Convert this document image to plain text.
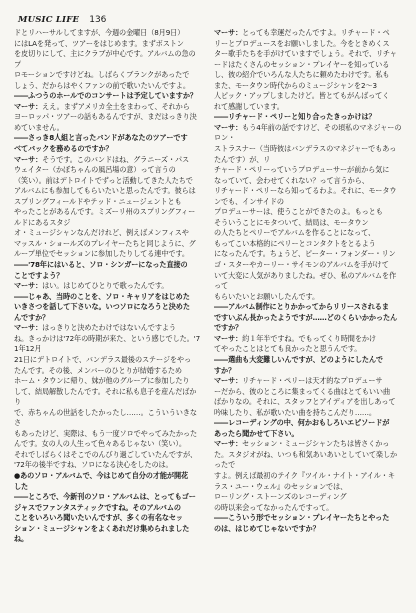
MUSIC LIFE 136

ドとリハーサルしてますが、今週の金曜日（8月9日）
にはLAを発って、ツアーをはじめます。まずボストン
を皮切りにして、主にクラブが中心です。アルバムの急のプ
ロモーションですけどね。しばらくブランクがあったで
しょう、だからはやくファンの前で歌いたいんですよ。

――ふつうのホールでのコンサートは予定していますか？

マーサ：ええ。まずアメリカ全土をまわって、それから
ヨーロッパ・ツアーの話もあるんですが、まだはっきり決
めていません。

――さっき8人組と言ったバンドがあなたのツアーです
べてバックを務めるのですか？

マーサ：そうです。このバンドはね、グラニーズ・パス
ウェイター（かぼちゃんの風呂場の意）って言うの
（笑い）。前はデトロイトでずっと活動してきた人たちで
アルバムにも参加してもらいたいと思ったんです。彼らは
スプリングフィールドやテッド・ニュージェントとも
やったことがあるんです。ミズーリ州のスプリングフィールドにあるスタジ
オ・ミュージシャンなんだけれど、例えばメンフィスや
マッスル・ショールズのプレイヤーたちと同じように、グ
ループ単位でセッションに参加したりしてる連中です。

――'78年にはいると、ソロ・シンガーになった直接の
ことですよう？

マーサ：はい。はじめてひとりで歌ったんです。

――じゃあ、当時のことを、ソロ・キャリアをはじめた
いきさつを話して下さいな。いつソロになろうと決めた
んですか？

マーサ：はっきりと決めたわけではないんですよう
ね。きっかけは'72年の時期が来た、という感じでした。'71年12月
21日にデトロイトで、バンデラス最後のステージをやっ
たんです。その後、メンバーのひとりが結婚するため
ホーム・タウンに帰り、妹が他のグループに参加したり
して、結局解散したんです。それに私も息子を産んだばかり
で、赤ちゃんの世話をしたかったし……。こういういきなさ
もあったけど、実際は、もう一度ソロでやってみたかった
んです。女の人の人生って色々あるじゃない（笑い）。
それでしばらくはそこでのんびり過ごしていたんですが、
'72年の後半ですね、ソロになる決心をしたのは。

●あのソロ・アルバムで、今はじめて自分の才能が開花
した

――ところで、今新刊のソロ・アルバムは、とってもゴー
ジャスでファンタスティックですね。そのアルバムの
ことをいろいろ聞いたいんですが、多くの有名なセッ
ション・ミュージシャンをよくあれだけ集められましたね。

マーサ：とっても幸運だったんですよ。リチャード・ペ
リーとプロデュースをお願いしました。今をときめくス
ター歌手たちを手がけていますでしょう。それで、リチャ
ードはたくさんのセッション・プレイヤーを知っている
し、彼の紹介でいろんな人たちに頼めたわけです。私も
また、モータウン時代からのミュージシャンを2〜3
人ピック・アップしましたけど。皆とてもがんばってく
れて感謝しています。

――リチャード・ペリーと知り合ったきっかけは？

マーサ：もう4年前の話ですけど、その頃私のマネジャーのロン・
ストラスナー（当時彼はバンデラスのマネジャーでもあったんです）が、リ
チャード・ペリーっていうプロデューサーが前から気に
なっていて、会わせてくれない？って言うから、
リチャード・ペリーなら知ってるわよ。それに、モータウンでも、インサイドの
プロデューサーは、使うことができたのよ。もっとも
そういうことにモタついて、結局は、モータウン
の人たちとペリーでアルバムを作ることになって、
もってこい本格的にペリーとコンタクトをとるよう
になったんです。ちょうど、ピーター・フォンダー・リン
ゴ・スターやカーリー・サイモンのアルバムを手がけて
いて大変に人気がありましたね。ぜひ、私のアルバムを作って
もらいたいとお願いしたんです。

――アルバム制作にとりかかってからリリースされるま
ですいぶん長かったようですが……どのくらいかかったん
ですか？

マーサ：約１年半ですね。でもってくり時間をかけ
てやったことはとても良かったと思うんです。

――選曲も大変難しいんですが、どのようにしたんで
すか？

マーサ：リチャード・ペリーは天才的なプロデューサ
ーだから、彼のところに集まってくる曲はとてもいい曲
ばかりなの。それに、スタッフとアイディアを出しあって
吟味したり、私が歌いたい曲を持ちこんだり……。

――レコーディングの中、何かおもしろいエピソードが
あったら聞かせて下さい。

マーサ：セッション・ミュージシャンたちは皆さくかっ
た。スタジオがね、いつも和気あいあいとしていて楽しかったで
すよ。例えば最初のテイク『ツイル・ナイト・アイル・キ
ラス・ユー・ウェル』のセッションでは、
ローリング・ストーンズのレコーディング
の時以来会ってなかったんですって。

――こういう形でセッション・プレイヤーたちとやった
のは、はじめてじゃないですか？
